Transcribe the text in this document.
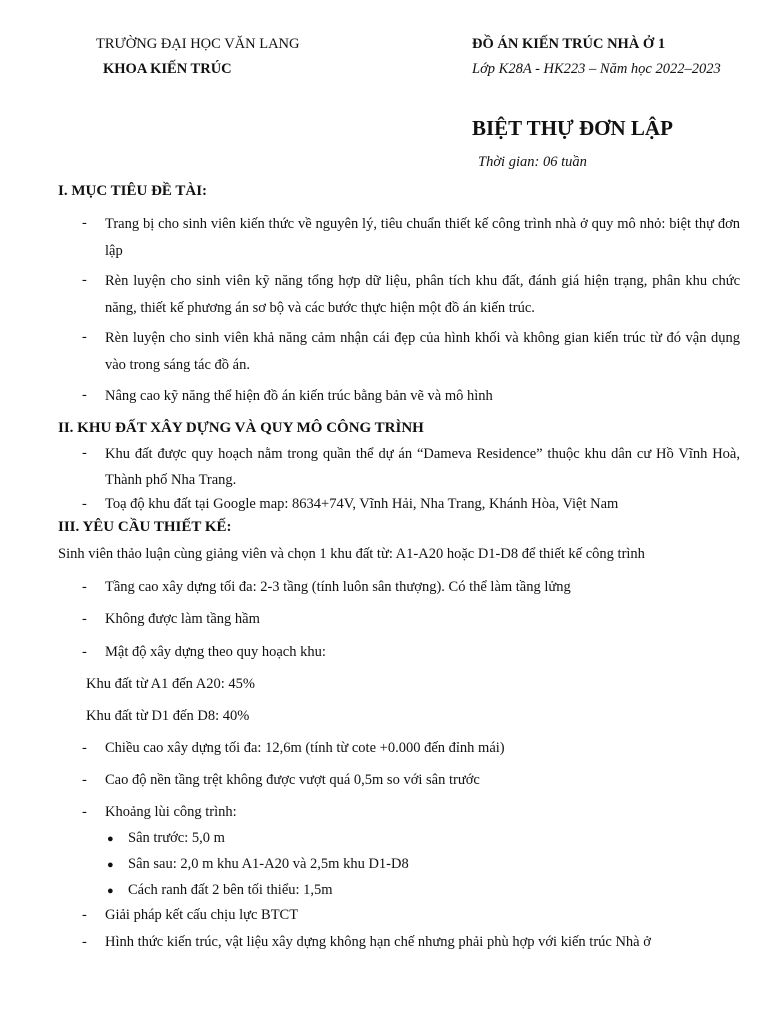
TRƯỜNG ĐẠI HỌC VĂN LANG
KHOA KIẾN TRÚC
ĐỒ ÁN KIẾN TRÚC NHÀ Ở 1
Lớp K28A - HK223 – Năm học 2022–2023
BIỆT THỰ ĐƠN LẬP
Thời gian: 06 tuần
I. MỤC TIÊU ĐỀ TÀI:
- Trang bị cho sinh viên kiến thức về nguyên lý, tiêu chuẩn thiết kế công trình nhà ở quy mô nhỏ: biệt thự đơn lập
- Rèn luyện cho sinh viên kỹ năng tổng hợp dữ liệu, phân tích khu đất, đánh giá hiện trạng, phân khu chức năng, thiết kế phương án sơ bộ và các bước thực hiện một đồ án kiến trúc.
- Rèn luyện cho sinh viên khả năng cảm nhận cái đẹp của hình khối và không gian kiến trúc từ đó vận dụng vào trong sáng tác đồ án.
- Nâng cao kỹ năng thể hiện đồ án kiến trúc bằng bản vẽ và mô hình
II. KHU ĐẤT XÂY DỰNG VÀ QUY MÔ CÔNG TRÌNH
- Khu đất được quy hoạch nằm trong quần thể dự án “Dameva Residence” thuộc khu dân cư Hồ Vĩnh Hoà, Thành phố Nha Trang.
- Toạ độ khu đất tại Google map: 8634+74V, Vĩnh Hải, Nha Trang, Khánh Hòa, Việt Nam
III. YÊU CẦU THIẾT KẾ:
Sinh viên thảo luận cùng giảng viên và chọn 1 khu đất từ: A1-A20 hoặc D1-D8 để thiết kế công trình
- Tầng cao xây dựng tối đa: 2-3 tầng (tính luôn sân thượng). Có thể làm tầng lửng
- Không được làm tầng hầm
- Mật độ xây dựng theo quy hoạch khu:
Khu đất từ A1 đến A20: 45%
Khu đất từ D1 đến D8: 40%
- Chiều cao xây dựng tối đa: 12,6m (tính từ cote +0.000 đến đỉnh mái)
- Cao độ nền tầng trệt không được vượt quá 0,5m so với sân trước
- Khoảng lùi công trình:
● Sân trước: 5,0 m
● Sân sau: 2,0 m khu A1-A20 và 2,5m khu D1-D8
● Cách ranh đất 2 bên tối thiểu: 1,5m
- Giải pháp kết cấu chịu lực BTCT
- Hình thức kiến trúc, vật liệu xây dựng không hạn chế nhưng phải phù hợp với kiến trúc Nhà ở
